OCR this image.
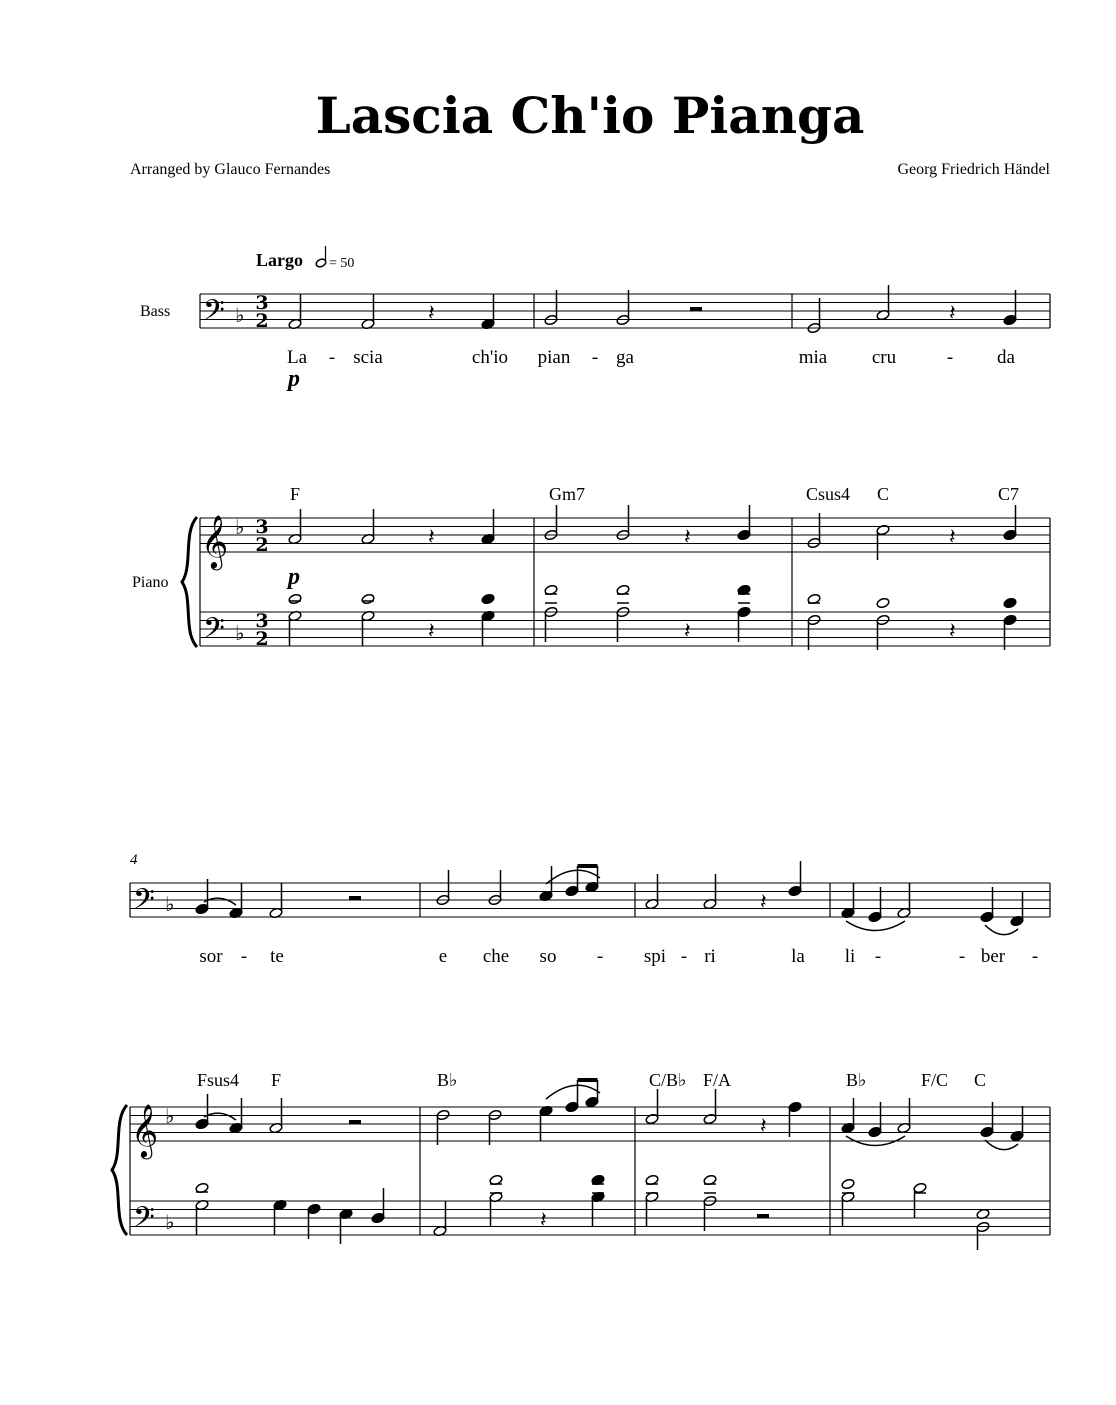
Lascia Ch'io Pianga
Arranged by Glauco Fernandes	Georg Friedrich Händel
Largo = 50
Bass
Piano
𝄢 ♭ 3
2	𝄽	𝄽
La - scia	ch'io pian - ga	mia cru	- da
p
F	Gm7	Csus4 C	C7
𝄞 ♭ 3
2
𝄢 ♭ 3
2
𝄽	𝄽	𝄽
p
𝄽	𝄽	𝄽
4
𝄢 ♭	𝄽
sor - te	e che so - spi - ri	la li -	- ber -
Fsus4 F	B♭	C/B♭ F/A	B♭	F/C C
𝄞 ♭
𝄢 ♭
𝄽
𝄽
